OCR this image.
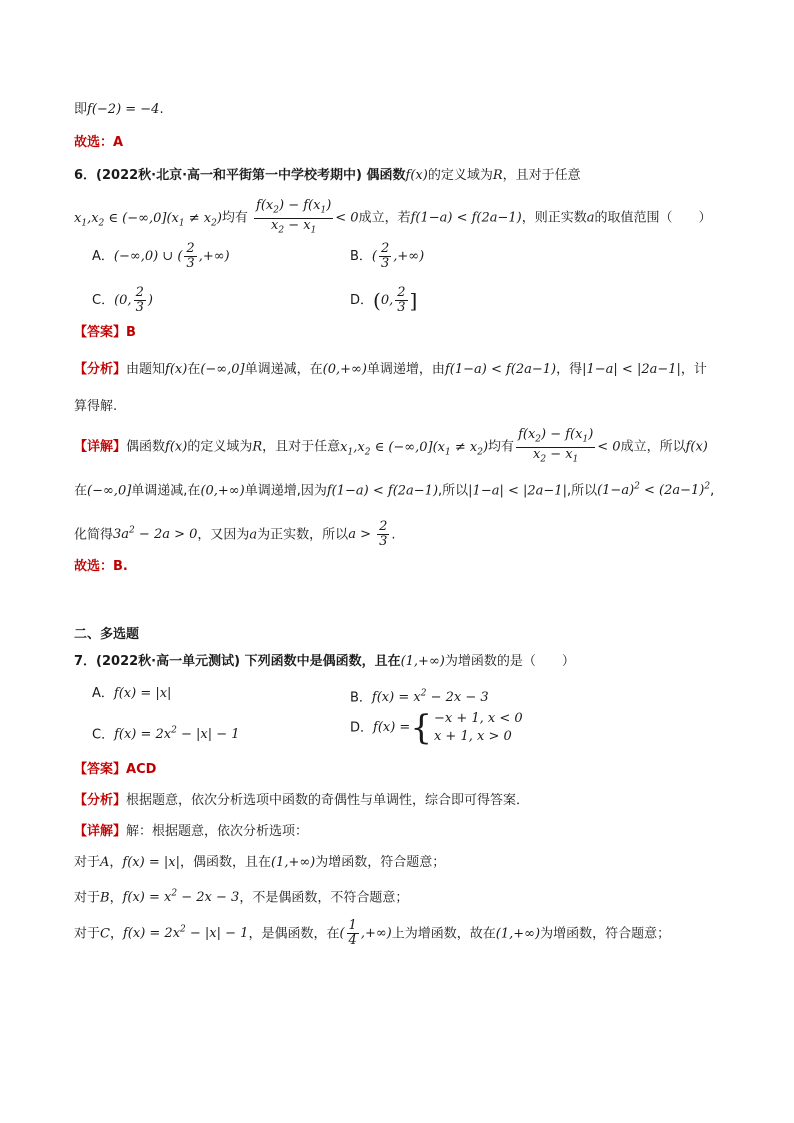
即f(−2) = −4.
故选：A
6．(2022秋·北京·高一和平街第一中学校考期中) 偶函数f(x)的定义域为R，且对于任意
$x_1,x_2$ ∈ $(-\infty,0](x_1 \ne x_2)$均有 $\frac{f(x_2) - f(x_1)}{x_2 - x_1} < 0$成立，若f(1−a) < f(2a−1)，则正实数a的取值范围（　　）
A．(−∞,0) ∪ ( $\frac{2}{3}$ ,+∞)	B．( $\frac{2}{3}$ ,+∞)
C．(0, $\frac{2}{3}$ )	D．(0, $\frac{2}{3}$ ]
【答案】B
【分析】由题知f(x)在(−∞,0]单调递减，在(0,+∞)单调递增，由f(1−a) < f(2a−1)，得|1−a| < |2a−1|，计
算得解.
【详解】偶函数f(x)的定义域为R，且对于任意$x_1,x_2$ ∈ $(-\infty,0](x_1 \ne x_2)$均有 $\frac{f(x_2) - f(x_1)}{x_2 - x_1} < 0$成立，所以f(x)
在(−∞,0]单调递减,在(0,+∞)单调递增,因为f(1−a) < f(2a−1),所以|1−a| < |2a−1|,所以$(1-a)^2 < (2a-1)^2$,
化简得$3a^2 - 2a > 0$，又因为a为正实数，所以$a > \frac{2}{3}$ .
故选：B.
二、多选题
7．(2022秋·高一单元测试) 下列函数中是偶函数，且在(1,+∞)为增函数的是（　　）
A．f(x) = |x|	B．$f(x) = x^2 - 2x - 3$
C．$f(x) = 2x^2 - |x| - 1$	D．f(x) = { −x + 1, x < 0
x + 1, x > 0
【答案】ACD
【分析】根据题意，依次分析选项中函数的奇偶性与单调性，综合即可得答案．
【详解】解：根据题意，依次分析选项：
对于A，f(x) = |x|，偶函数，且在(1,+∞)为增函数，符合题意；
对于B，$f(x) = x^2 - 2x - 3$，不是偶函数，不符合题意；
对于C，$f(x) = 2x^2 - |x| - 1$，是偶函数，在( $\frac{1}{4}$ ,+∞)上为增函数，故在(1,+∞)为增函数，符合题意；
